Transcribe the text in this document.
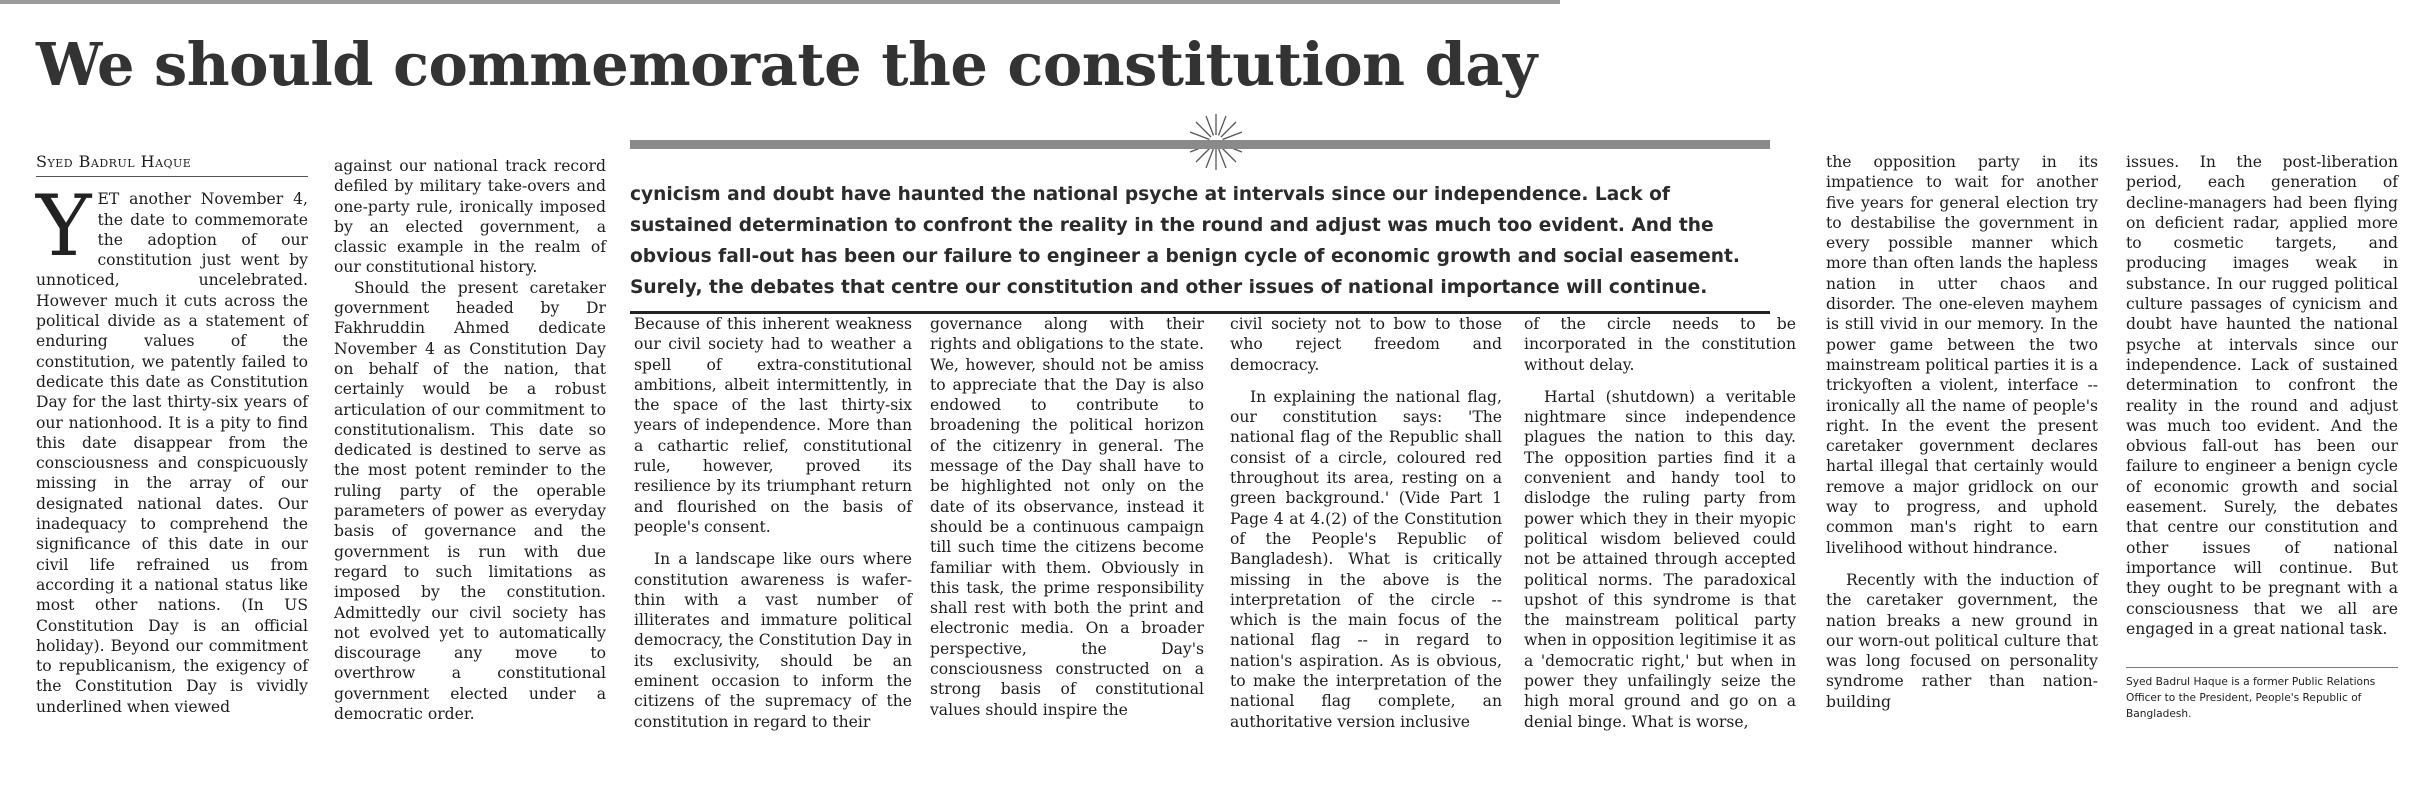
We should commemorate the constitution day

cynicism and doubt have haunted the national psyche at intervals since our independence. Lack of sustained determination to confront the reality in the round and adjust was much too evident. And the obvious fall-out has been our failure to engineer a benign cycle of economic growth and social easement. Surely, the debates that centre our constitution and other issues of national importance will continue.

Syed Badrul Haque

YET another November 4, the date to commemorate the adoption of our constitution just went by unnoticed, uncelebrated. However much it cuts across the political divide as a statement of enduring values of the constitution, we patently failed to dedicate this date as Constitution Day for the last thirty-six years of our nationhood. It is a pity to find this date disappear from the consciousness and conspicuously missing in the array of our designated national dates. Our inadequacy to comprehend the significance of this date in our civil life refrained us from according it a national status like most other nations. (In US Constitution Day is an official holiday). Beyond our commitment to republicanism, the exigency of the Constitution Day is vividly underlined when viewed

against our national track record defiled by military take-overs and one-party rule, ironically imposed by an elected government, a classic example in the realm of our constitutional history.

Should the present caretaker government headed by Dr Fakhruddin Ahmed dedicate November 4 as Constitution Day on behalf of the nation, that certainly would be a robust articulation of our commitment to constitutionalism. This date so dedicated is destined to serve as the most potent reminder to the ruling party of the operable parameters of power as everyday basis of governance and the government is run with due regard to such limitations as imposed by the constitution. Admittedly our civil society has not evolved yet to automatically discourage any move to overthrow a constitutional government elected under a democratic order.

Because of this inherent weakness our civil society had to weather a spell of extra-constitutional ambitions, albeit intermittently, in the space of the last thirty-six years of independence. More than a cathartic relief, constitutional rule, however, proved its resilience by its triumphant return and flourished on the basis of people's consent.

In a landscape like ours where constitution awareness is wafer-thin with a vast number of illiterates and immature political democracy, the Constitution Day in its exclusivity, should be an eminent occasion to inform the citizens of the supremacy of the constitution in regard to their

governance along with their rights and obligations to the state. We, however, should not be amiss to appreciate that the Day is also endowed to contribute to broadening the political horizon of the citizenry in general. The message of the Day shall have to be highlighted not only on the date of its observance, instead it should be a continuous campaign till such time the citizens become familiar with them. Obviously in this task, the prime responsibility shall rest with both the print and electronic media. On a broader perspective, the Day's consciousness constructed on a strong basis of constitutional values should inspire the

civil society not to bow to those who reject freedom and democracy.

In explaining the national flag, our constitution says: 'The national flag of the Republic shall consist of a circle, coloured red throughout its area, resting on a green background.' (Vide Part 1 Page 4 at 4.(2) of the Constitution of the People's Republic of Bangladesh). What is critically missing in the above is the interpretation of the circle -- which is the main focus of the national flag -- in regard to nation's aspiration. As is obvious, to make the interpretation of the national flag complete, an authoritative version inclusive

of the circle needs to be incorporated in the constitution without delay.

Hartal (shutdown) a veritable nightmare since independence plagues the nation to this day. The opposition parties find it a convenient and handy tool to dislodge the ruling party from power which they in their myopic political wisdom believed could not be attained through accepted political norms. The paradoxical upshot of this syndrome is that the mainstream political party when in opposition legitimise it as a 'democratic right,' but when in power they unfailingly seize the high moral ground and go on a denial binge. What is worse,

the opposition party in its impatience to wait for another five years for general election try to destabilise the government in every possible manner which more than often lands the hapless nation in utter chaos and disorder. The one-eleven mayhem is still vivid in our memory. In the power game between the two mainstream political parties it is a trickyoften a violent, interface -- ironically all the name of people's right. In the event the present caretaker government declares hartal illegal that certainly would remove a major gridlock on our way to progress, and uphold common man's right to earn livelihood without hindrance.

Recently with the induction of the caretaker government, the nation breaks a new ground in our worn-out political culture that was long focused on personality syndrome rather than nation-building

issues. In the post-liberation period, each generation of decline-managers had been flying on deficient radar, applied more to cosmetic targets, and producing images weak in substance. In our rugged political culture passages of cynicism and doubt have haunted the national psyche at intervals since our independence. Lack of sustained determination to confront the reality in the round and adjust was much too evident. And the obvious fall-out has been our failure to engineer a benign cycle of economic growth and social easement. Surely, the debates that centre our constitution and other issues of national importance will continue. But they ought to be pregnant with a consciousness that we all are engaged in a great national task.

Syed Badrul Haque is a former Public Relations Officer to the President, People's Republic of Bangladesh.
